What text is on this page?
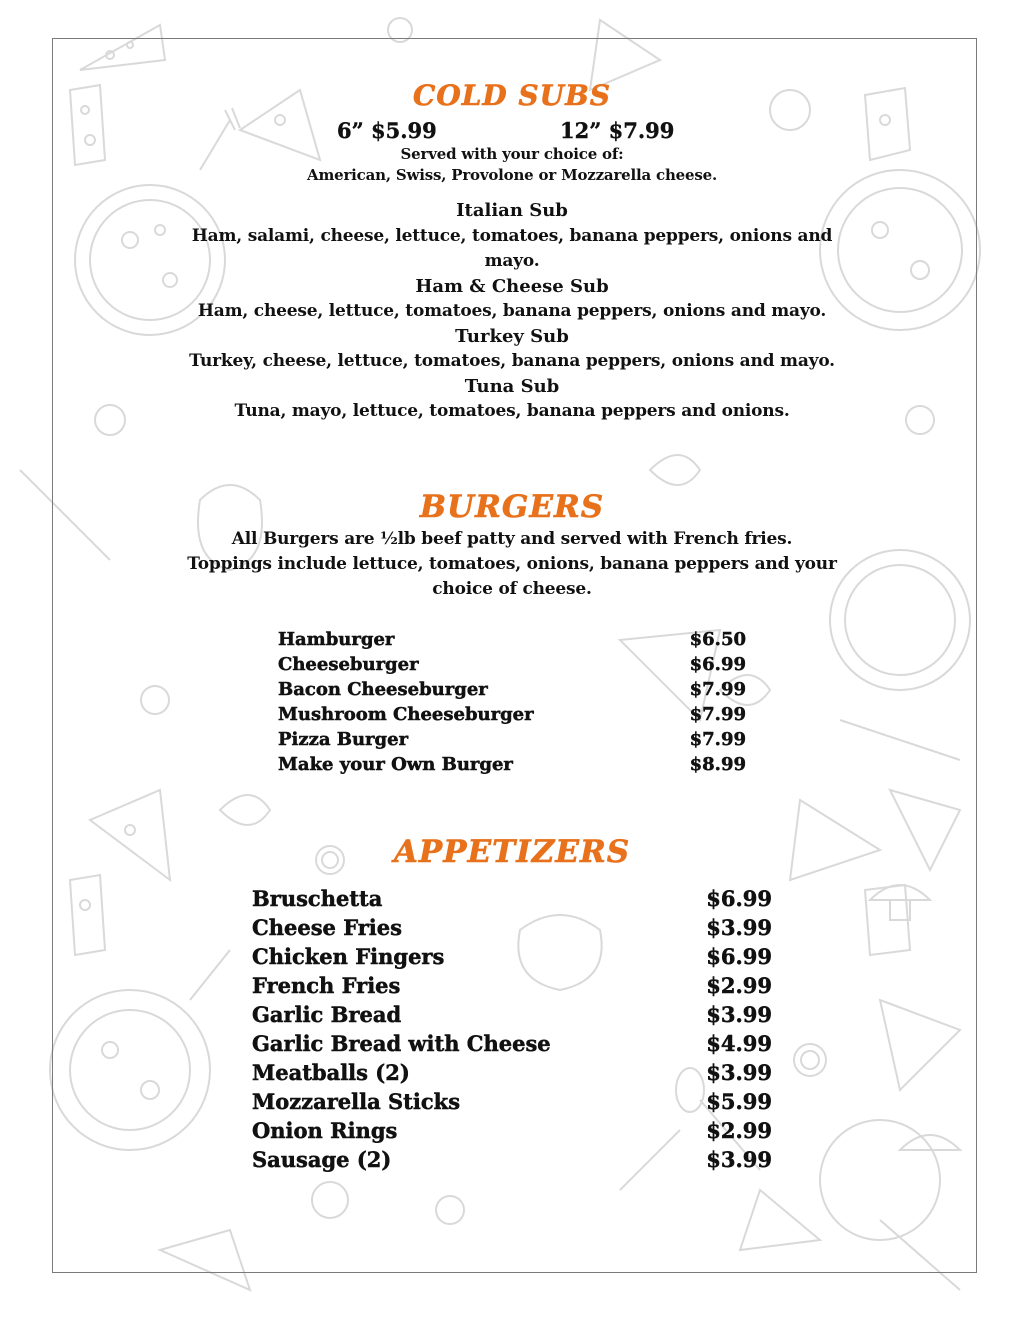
COLD SUBS
6” $5.99	12” $7.99
Served with your choice of:
American, Swiss, Provolone or Mozzarella cheese.
Italian Sub
Ham, salami, cheese, lettuce, tomatoes, banana peppers, onions and
mayo.
Ham & Cheese Sub
Ham, cheese, lettuce, tomatoes, banana peppers, onions and mayo.
Turkey Sub
Turkey, cheese, lettuce, tomatoes, banana peppers, onions and mayo.
Tuna Sub
Tuna, mayo, lettuce, tomatoes, banana peppers and onions.
BURGERS
All Burgers are ½lb beef patty and served with French fries.
Toppings include lettuce, tomatoes, onions, banana peppers and your
choice of cheese.
Hamburger	$6.50
Cheeseburger	$6.99
Bacon Cheeseburger	$7.99
Mushroom Cheeseburger	$7.99
Pizza Burger	$7.99
Make your Own Burger	$8.99
APPETIZERS
Bruschetta	$6.99
Cheese Fries	$3.99
Chicken Fingers	$6.99
French Fries	$2.99
Garlic Bread	$3.99
Garlic Bread with Cheese	$4.99
Meatballs (2)	$3.99
Mozzarella Sticks	$5.99
Onion Rings	$2.99
Sausage (2)	$3.99
